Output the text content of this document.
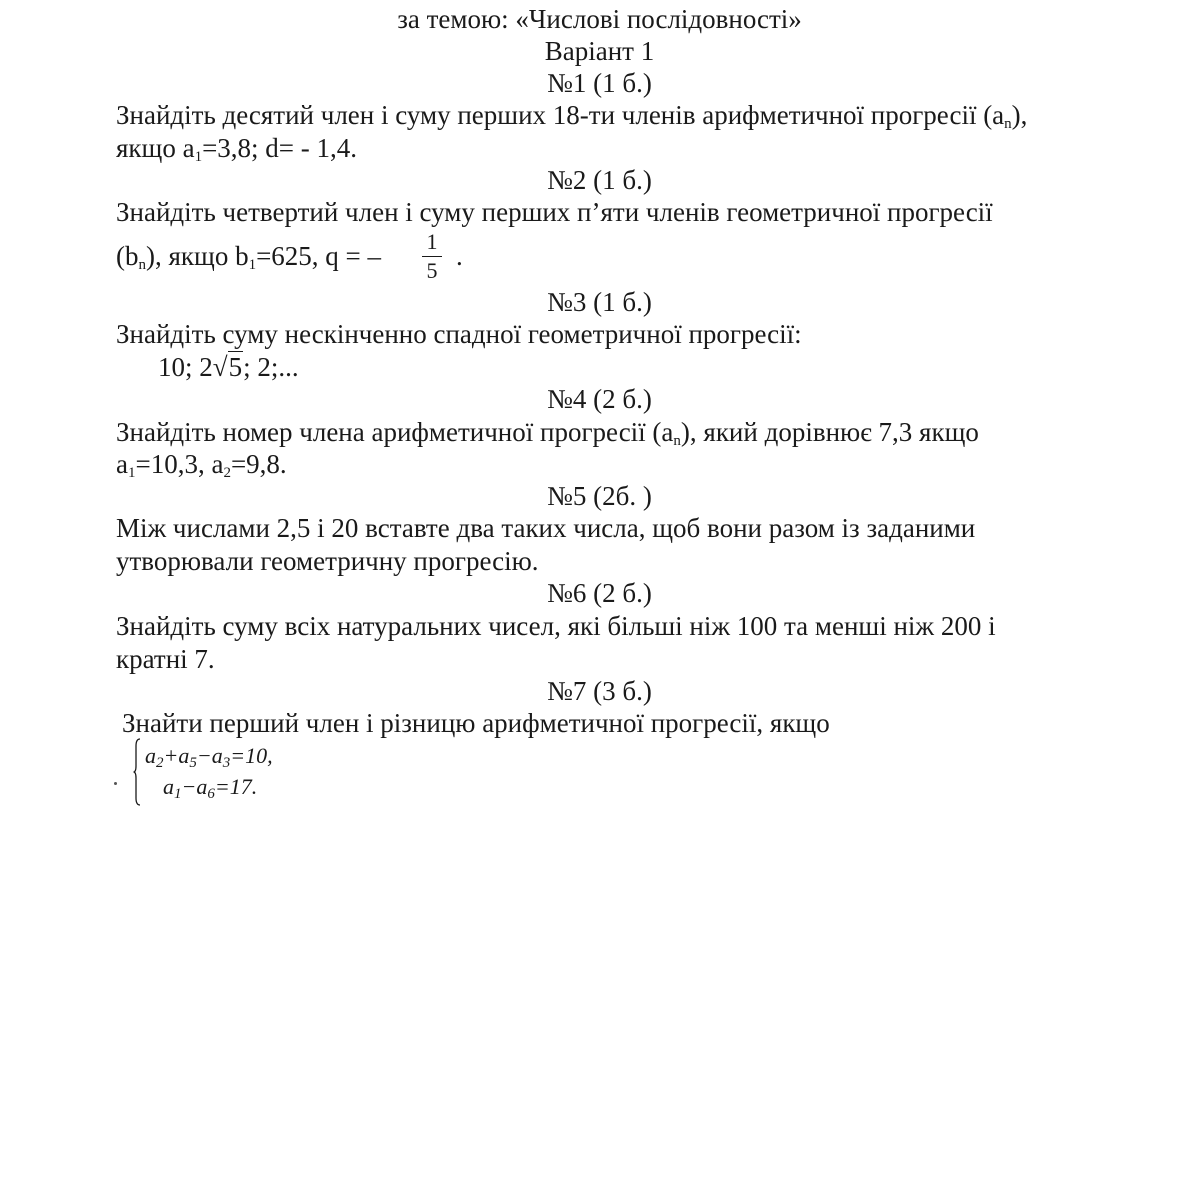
за темою: «Числові послідовності»
Варіант 1
№1 (1 б.)
Знайдіть десятий член і суму перших 18-ти членів арифметичної прогресії $(a_n)$,
якщо $a_1=3,8$; d= - 1,4.
№2 (1 б.)
Знайдіть четвертий член і суму перших п’яти членів геометричної прогресії
$(b_n)$, якщо $b_1=625$, q = – 1
5 .
№3 (1 б.)
Знайдіть суму нескінченно спадної геометричної прогресії:
10; 2√5; 2;...
№4 (2 б.)
Знайдіть номер члена арифметичної прогресії $(a_n)$, який дорівнює 7,3 якщо
$a_1=10,3$, $a_2=9,8$.
№5 (2б. )
Між числами 2,5 і 20 вставте два таких числа, щоб вони разом із заданими
утворювали геометричну прогресію.
№6 (2 б.)
Знайдіть суму всіх натуральних чисел, які більші ніж 100 та менші ніж 200 і
кратні 7.
№7 (3 б.)
Знайти перший член і різницю арифметичної прогресії, якщо
$a_2+a_5-a_3=10$,
$a_1-a_6=17$.
